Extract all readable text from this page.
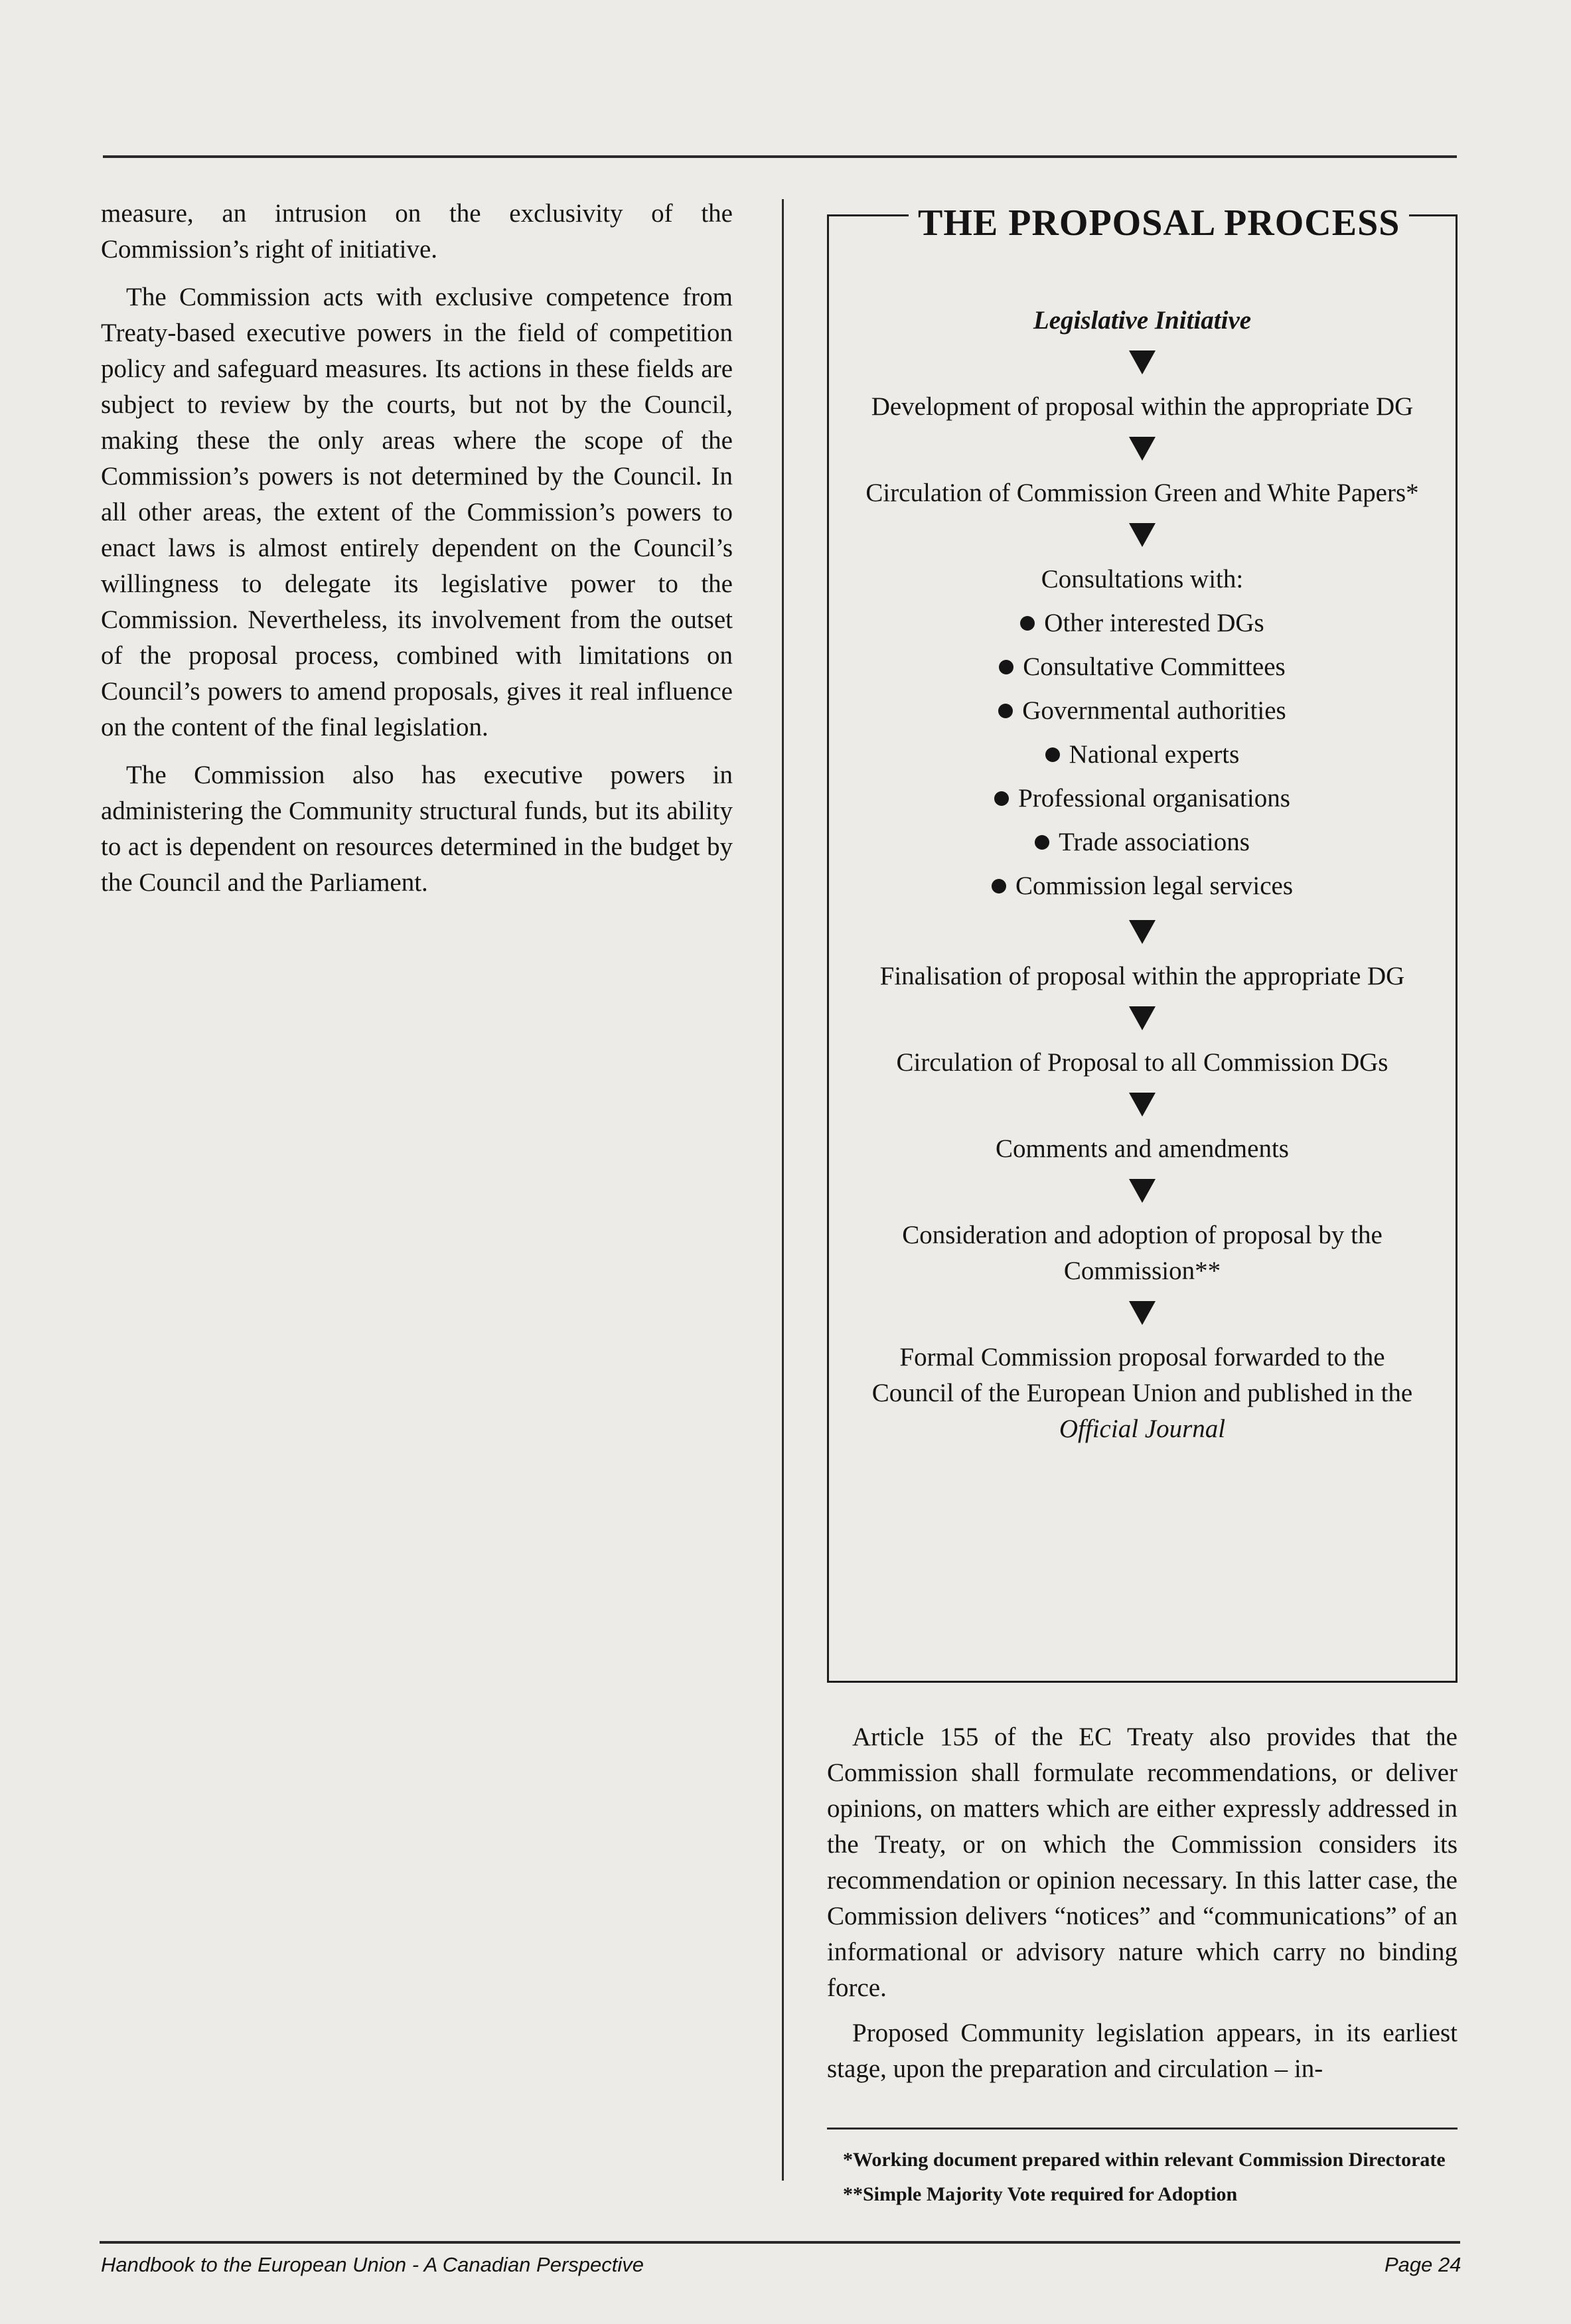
measure, an intrusion on the exclusivity of the Commission’s right of initiative.

The Commission acts with exclusive competence from Treaty-based executive powers in the field of competition policy and safeguard measures. Its actions in these fields are subject to review by the courts, but not by the Council, making these the only areas where the scope of the Commission’s powers is not determined by the Council. In all other areas, the extent of the Commission’s powers to enact laws is almost entirely dependent on the Council’s willingness to delegate its legislative power to the Commission. Nevertheless, its involvement from the outset of the proposal process, combined with limitations on Council’s powers to amend proposals, gives it real influence on the content of the final legislation.

The Commission also has executive powers in administering the Community structural funds, but its ability to act is dependent on resources determined in the budget by the Council and the Parliament.

THE PROPOSAL PROCESS
Legislative Initiative
Development of proposal within the appropriate DG
Circulation of Commission Green and White Papers*
Consultations with:
Other interested DGs
Consultative Committees
Governmental authorities
National experts
Professional organisations
Trade associations
Commission legal services
Finalisation of proposal within the appropriate DG
Circulation of Proposal to all Commission DGs
Comments and amendments
Consideration and adoption of proposal by the Commission**
Formal Commission proposal forwarded to the Council of the European Union and published in the Official Journal

Article 155 of the EC Treaty also provides that the Commission shall formulate recommendations, or deliver opinions, on matters which are either expressly addressed in the Treaty, or on which the Commission considers its recommendation or opinion necessary. In this latter case, the Commission delivers “notices” and “communications” of an informational or advisory nature which carry no binding force.

Proposed Community legislation appears, in its earliest stage, upon the preparation and circulation – in-

*Working document prepared within relevant Commission Directorate
**Simple Majority Vote required for Adoption
Handbook to the European Union - A Canadian Perspective	Page 24
